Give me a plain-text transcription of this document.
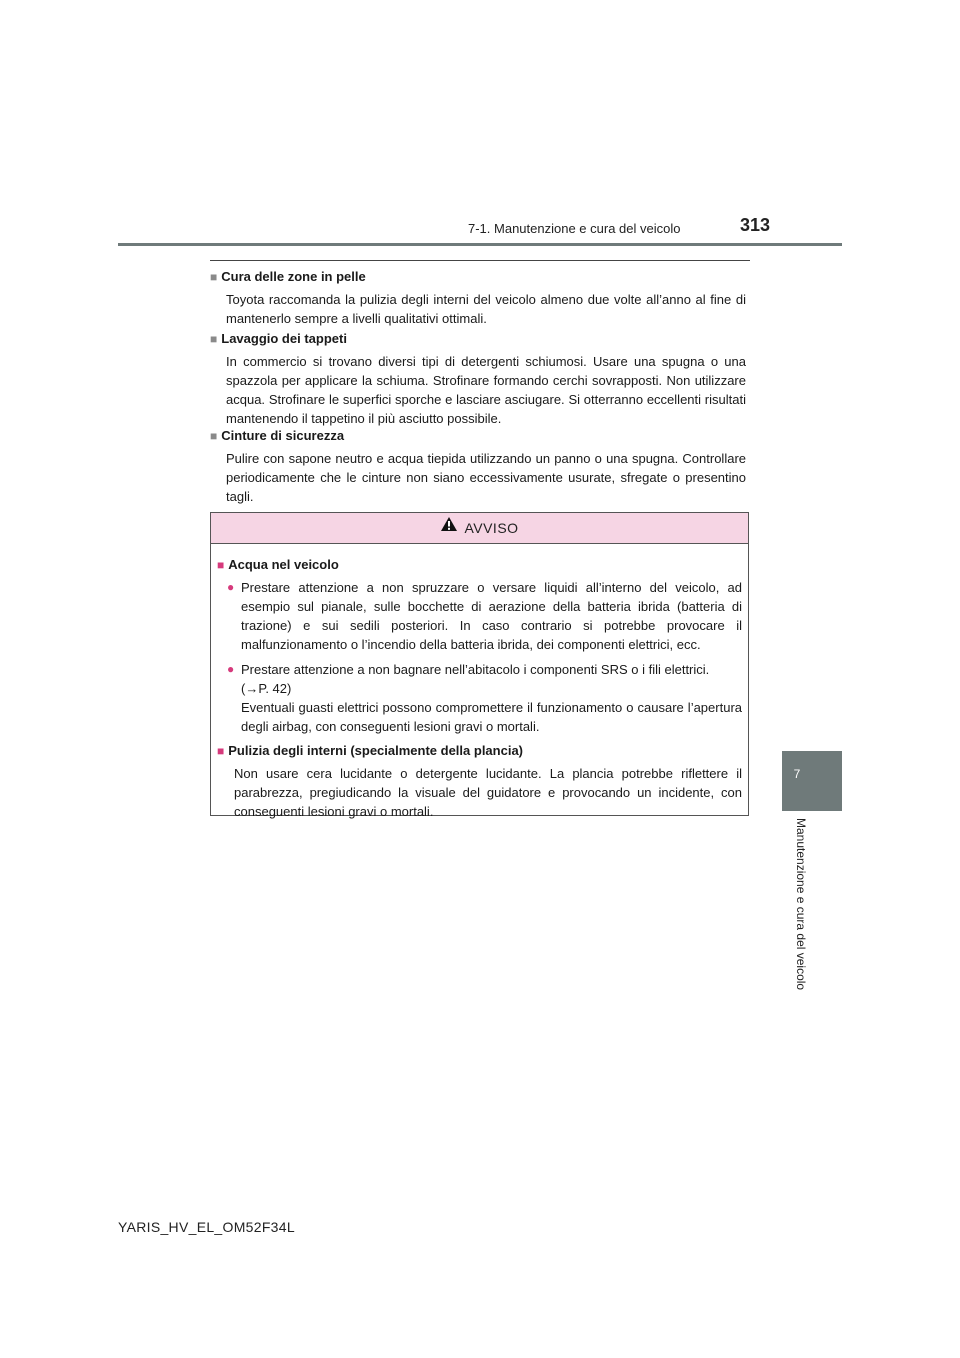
7-1. Manutenzione e cura del veicolo	313
7
Manutenzione e cura del veicolo

■ Cura delle zone in pelle

Toyota raccomanda la pulizia degli interni del veicolo almeno due volte all’anno al fine di mantenerlo sempre a livelli qualitativi ottimali.

■ Lavaggio dei tappeti

In commercio si trovano diversi tipi di detergenti schiumosi. Usare una spugna o una spazzola per applicare la schiuma. Strofinare formando cerchi sovrapposti. Non utilizzare acqua. Strofinare le superfici sporche e lasciare asciugare. Si otterranno eccellenti risultati mantenendo il tappetino il più asciutto possibile.

■ Cinture di sicurezza

Pulire con sapone neutro e acqua tiepida utilizzando un panno o una spugna. Controllare periodicamente che le cinture non siano eccessivamente usurate, sfregate o presentino tagli.
AVVISO

■ Acqua nel veicolo

● Prestare attenzione a non spruzzare o versare liquidi all’interno del veicolo, ad esempio sul pianale, sulle bocchette di aerazione della batteria ibrida (batteria di trazione) e sui sedili posteriori. In caso contrario si potrebbe provocare il malfunzionamento o l’incendio della batteria ibrida, dei componenti elettrici, ecc.
● Prestare attenzione a non bagnare nell’abitacolo i componenti SRS o i fili elettrici.
(→P. 42)
Eventuali guasti elettrici possono compromettere il funzionamento o causare l’apertura degli airbag, con conseguenti lesioni gravi o mortali.

■ Pulizia degli interni (specialmente della plancia)

Non usare cera lucidante o detergente lucidante. La plancia potrebbe riflettere il parabrezza, pregiudicando la visuale del guidatore e provocando un incidente, con conseguenti lesioni gravi o mortali.
YARIS_HV_EL_OM52F34L
